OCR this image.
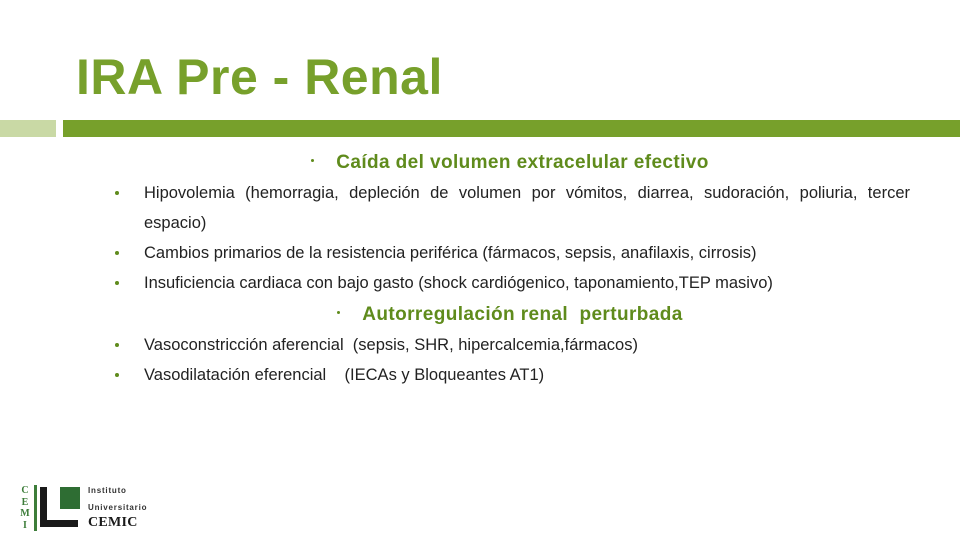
IRA Pre - Renal
Caída del volumen extracelular efectivo
Hipovolemia (hemorragia, depleción de volumen por vómitos, diarrea, sudoración, poliuria, tercer espacio)
Cambios primarios de la resistencia periférica (fármacos, sepsis, anafilaxis, cirrosis)
Insuficiencia cardiaca con bajo gasto (shock cardiógenico, taponamiento,TEP masivo)
Autorregulación renal  perturbada
Vasoconstricción aferencial  (sepsis, SHR, hipercalcemia,fármacos)
Vasodilatación eferencial    (IECAs y Bloqueantes AT1)
C
E
M
I
Instituto
Universitario
CEMIC
